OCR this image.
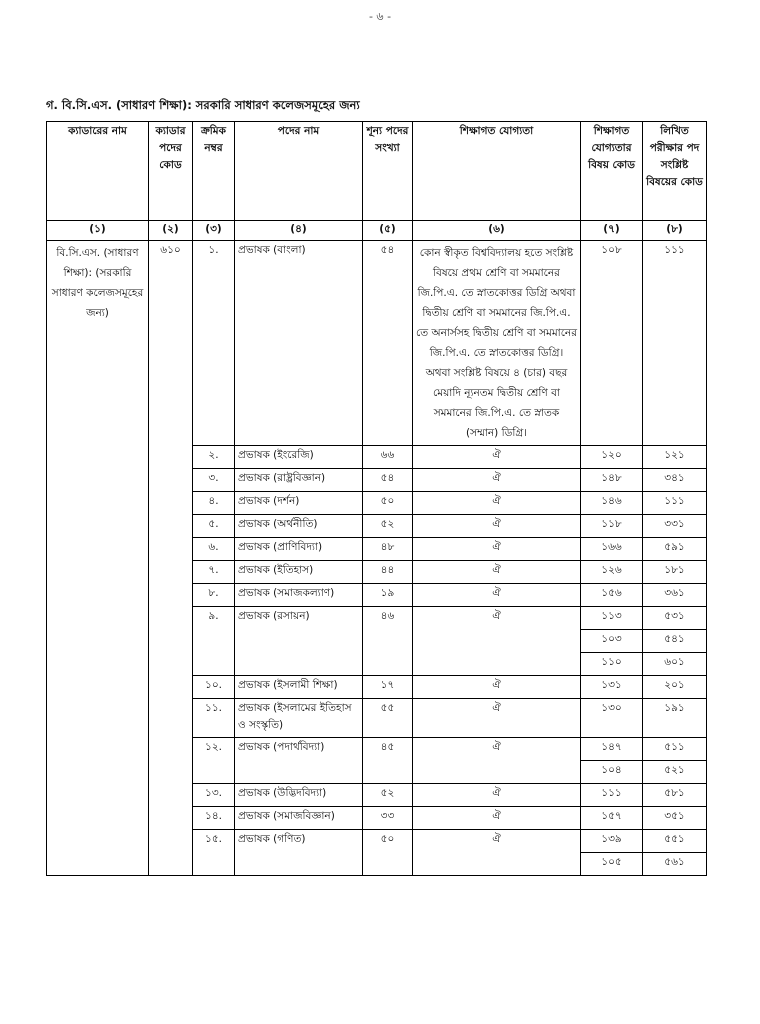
- ৬ -
গ. বি.সি.এস. (সাধারণ শিক্ষা): সরকারি সাধারণ কলেজসমূহের জন্য
ক্যাডারের নাম	ক্যাডার পদের কোড	ক্রমিক নম্বর	পদের নাম	শূন্য পদের সংখ্যা	শিক্ষাগত যোগ্যতা	শিক্ষাগত যোগ্যতার বিষয় কোড	লিখিত পরীক্ষার পদ সংশ্লিষ্ট বিষয়ের কোড
(১)	(২)	(৩)	(৪)	(৫)	(৬)	(৭)	(৮)
বি.সি.এস. (সাধারণ শিক্ষা): (সরকারি সাধারণ কলেজসমূহের জন্য)	৬১০	১.	প্রভাষক (বাংলা)	৫৪	কোন স্বীকৃত বিশ্ববিদ্যালয় হতে সংশ্লিষ্ট বিষয়ে প্রথম শ্রেণি বা সমমানের জি.পি.এ. তে স্নাতকোত্তর ডিগ্রি অথবা দ্বিতীয় শ্রেণি বা সমমানের জি.পি.এ. তে অনার্সসহ দ্বিতীয় শ্রেণি বা সমমানের জি.পি.এ. তে স্নাতকোত্তর ডিগ্রি। অথবা সংশ্লিষ্ট বিষয়ে ৪ (চার) বছর মেয়াদি ন্যূনতম দ্বিতীয় শ্রেণি বা সমমানের জি.পি.এ. তে স্নাতক (সম্মান) ডিগ্রি।	১০৮	১১১
		২.	প্রভাষক (ইংরেজি)	৬৬	ঐ	১২০	১২১
		৩.	প্রভাষক (রাষ্ট্রবিজ্ঞান)	৫৪	ঐ	১৪৮	৩৪১
		৪.	প্রভাষক (দর্শন)	৫০	ঐ	১৪৬	১১১
		৫.	প্রভাষক (অর্থনীতি)	৫২	ঐ	১১৮	৩৩১
		৬.	প্রভাষক (প্রাণিবিদ্যা)	৪৮	ঐ	১৬৬	৫৯১
		৭.	প্রভাষক (ইতিহাস)	৪৪	ঐ	১২৬	১৮১
		৮.	প্রভাষক (সমাজকল্যাণ)	১৯	ঐ	১৫৬	৩৬১
		৯.	প্রভাষক (রসায়ন)	৪৬	ঐ	১১৩	৫৩১
						১০৩	৫৪১
						১১০	৬০১
		১০.	প্রভাষক (ইসলামী শিক্ষা)	১৭	ঐ	১৩১	২০১
		১১.	প্রভাষক (ইসলামের ইতিহাস ও সংস্কৃতি)	৫৫	ঐ	১৩০	১৯১
		১২.	প্রভাষক (পদার্থবিদ্যা)	৪৫	ঐ	১৪৭	৫১১
						১০৪	৫২১
		১৩.	প্রভাষক (উদ্ভিদবিদ্যা)	৫২	ঐ	১১১	৫৮১
		১৪.	প্রভাষক (সমাজবিজ্ঞান)	৩৩	ঐ	১৫৭	৩৫১
		১৫.	প্রভাষক (গণিত)	৫০	ঐ	১৩৯	৫৫১
						১০৫	৫৬১
